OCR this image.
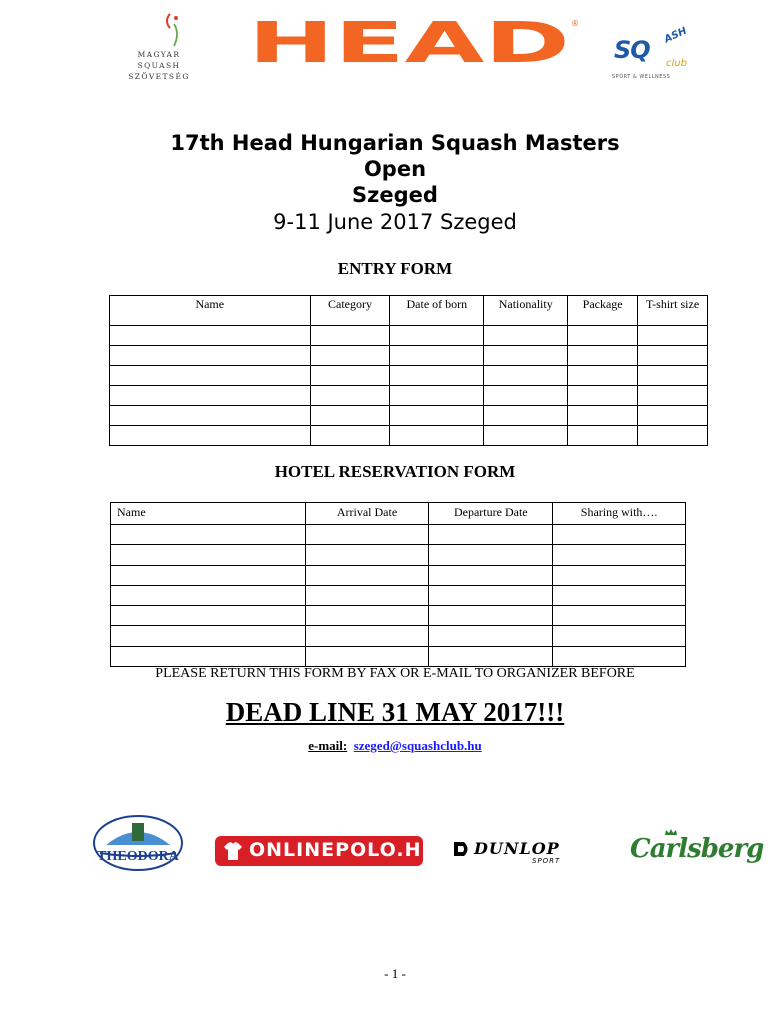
MAGYAR
SQUASH
SZÖVETSÉG
HEAD ®
SQ
ASH
club
SPORT & WELLNESS
17th Head Hungarian Squash Masters
Open
Szeged
9-11 June 2017 Szeged
ENTRY FORM
Name	Category	Date of born	Nationality	Package	T-shirt size

HOTEL RESERVATION FORM
Name	Arrival Date	Departure Date	Sharing with….

PLEASE RETURN THIS FORM BY FAX OR E-MAIL TO ORGANIZER BEFORE
DEAD LINE 31 MAY 2017!!!
e-mail: szeged@squashclub.hu
THEODORA	ONLINEPOLO.HU DUNLOP
SPORT	Carlsberg
- 1 -
